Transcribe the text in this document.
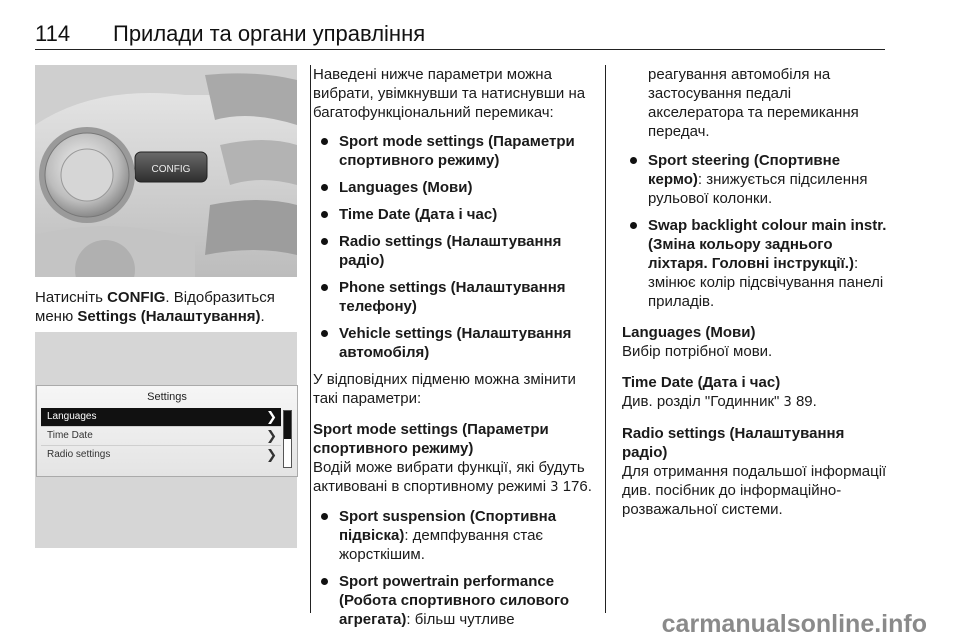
114 Прилади та органи управління
CONFIG
Натисніть CONFIG. Відобразиться меню Settings (Налаштування).
Settings
Languages	❯
Time Date	❯
Radio settings	❯

Наведені нижче параметри можна вибрати, увімкнувши та натиснувши на багатофункціональний перемикач:

Sport mode settings (Параметри спортивного режиму)
Languages (Мови)
Time Date (Дата і час)
Radio settings (Налаштування радіо)
Phone settings (Налаштування телефону)
Vehicle settings (Налаштування автомобіля)

У відповідних підменю можна змінити такі параметри:

Sport mode settings (Параметри спортивного режиму)

Водій може вибрати функції, які будуть активовані в спортивному режимі 3 176.

Sport suspension (Спортивна підвіска): демпфування стає жорсткішим.
Sport powertrain performance (Робота спортивного силового агрегата): більш чутливе

реагування автомобіля на застосування педалі акселератора та перемикання передач.

Sport steering (Спортивне кермо): знижується підсилення рульової колонки.
Swap backlight colour main instr. (Зміна кольору заднього ліхтаря. Головні інструкції.): змінює колір підсвічування панелі приладів.
Languages (Мови)

Вибір потрібної мови.

Time Date (Дата і час)

Див. розділ "Годинник" 3 89.

Radio settings (Налаштування радіо)

Для отримання подальшої інформації див. посібник до інформаційно-розважальної системи.

carmanualsonline.info
